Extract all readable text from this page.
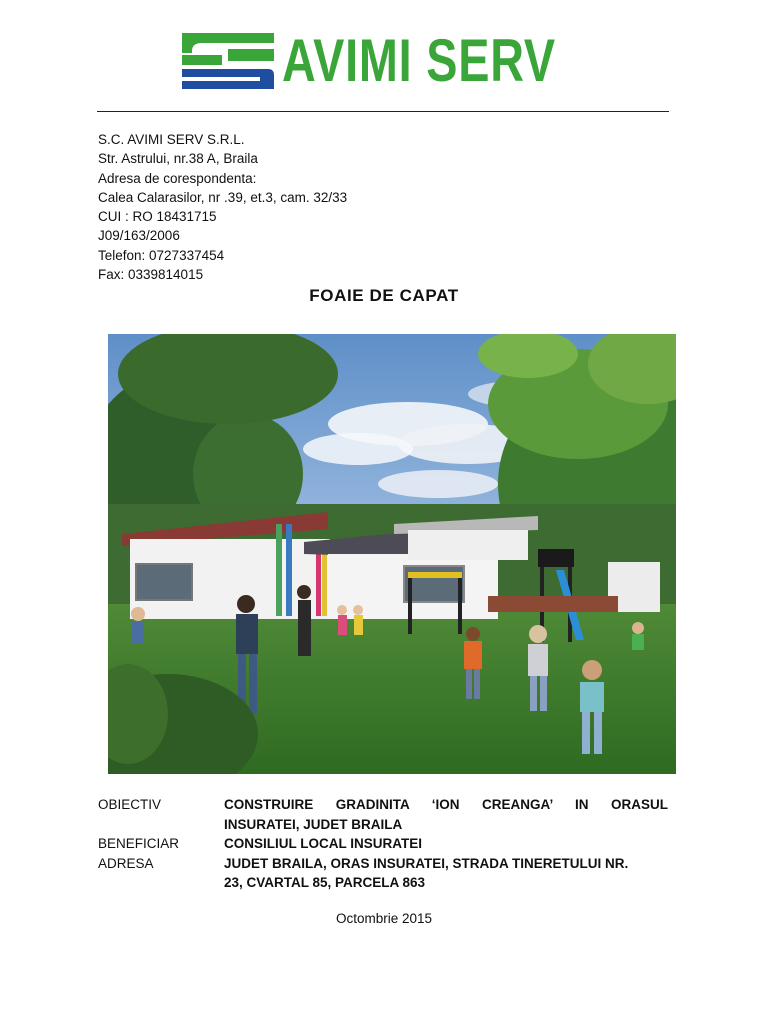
AVIMI SERV
S.C. AVIMI SERV S.R.L.
Str. Astrului, nr.38 A, Braila
Adresa de corespondenta:
Calea Calarasilor, nr .39, et.3, cam. 32/33
CUI : RO 18431715
J09/163/2006
Telefon: 0727337454
Fax: 0339814015
FOAIE DE CAPAT
OBIECTIV	CONSTRUIRE GRADINITA ‘ION CREANGA’ IN ORASUL
INSURATEI, JUDET BRAILA
BENEFICIAR	CONSILIUL LOCAL INSURATEI
ADRESA	JUDET BRAILA, ORAS INSURATEI, STRADA TINERETULUI NR.
23, CVARTAL 85, PARCELA 863
Octombrie 2015
